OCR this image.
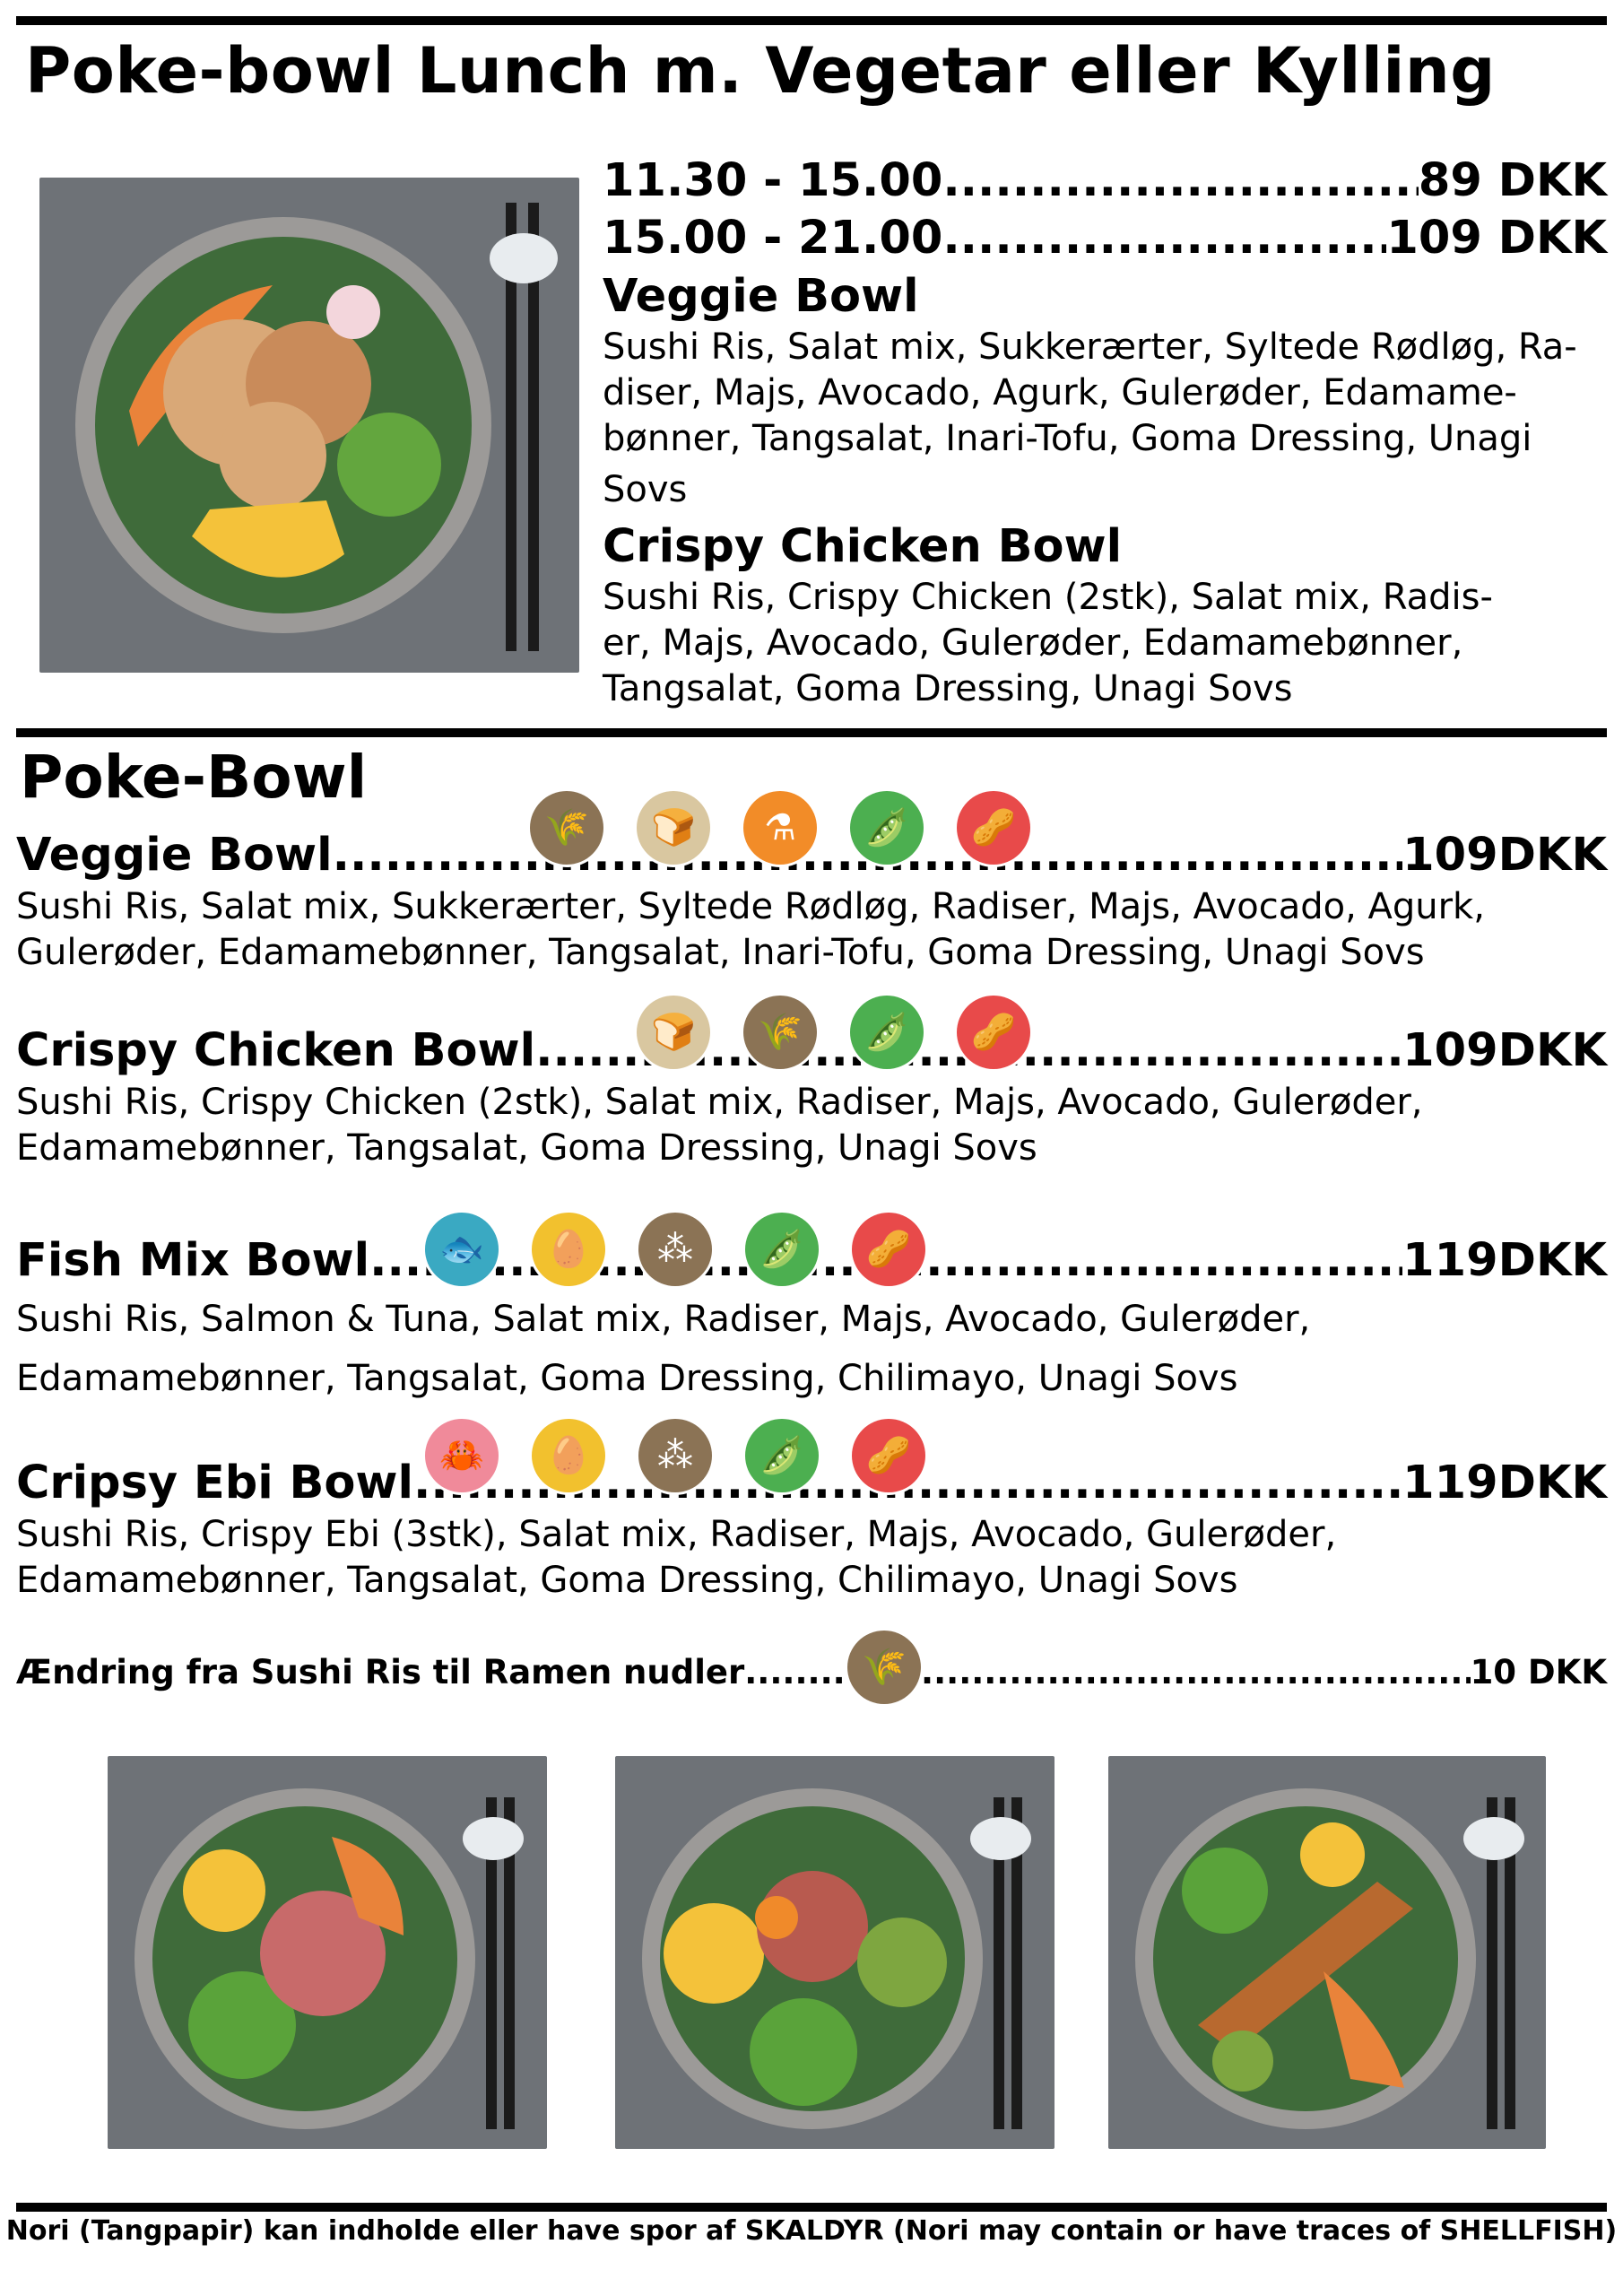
Poke-bowl Lunch m. Vegetar eller Kylling
11.30 - 15.00 .....	89 DKK
15.00 - 21.00 .....	109 DKK
Veggie Bowl
Sushi Ris, Salat mix, Sukkerærter, Syltede Rødløg, Ra-
diser, Majs, Avocado, Agurk, Gulerøder, Edamame-
bønner, Tangsalat, Inari-Tofu, Goma Dressing, Unagi
Sovs
Crispy Chicken Bowl
Sushi Ris, Crispy Chicken (2stk), Salat mix, Radis-
er, Majs, Avocado, Gulerøder, Edamamebønner,
Tangsalat, Goma Dressing, Unagi Sovs
Poke-Bowl
Veggie Bowl .....	109DKK
Sushi Ris, Salat mix, Sukkerærter, Syltede Rødløg, Radiser, Majs, Avocado, Agurk,
Gulerøder, Edamamebønner, Tangsalat, Inari-Tofu, Goma Dressing, Unagi Sovs
🌾	🍞	⚗	🫛	🥜
Crispy Chicken Bowl .....	109DKK
Sushi Ris, Crispy Chicken (2stk), Salat mix, Radiser, Majs, Avocado, Gulerøder,
Edamamebønner, Tangsalat, Goma Dressing, Unagi Sovs
🍞	🌾	🫛	🥜
Fish Mix Bowl .....	119DKK
Sushi Ris, Salmon & Tuna, Salat mix, Radiser, Majs, Avocado, Gulerøder,
Edamamebønner, Tangsalat, Goma Dressing, Chilimayo, Unagi Sovs
🐟	🥚	⁂	🫛	🥜
Cripsy Ebi Bowl .....	119DKK
Sushi Ris, Crispy Ebi (3stk), Salat mix, Radiser, Majs, Avocado, Gulerøder,
Edamamebønner, Tangsalat, Goma Dressing, Chilimayo, Unagi Sovs
🦀	🥚	⁂	🫛	🥜
Ændring fra Sushi Ris til Ramen nudler .....	10 DKK
🌾
Nori (Tangpapir) kan indholde eller have spor af SKALDYR (Nori may contain or have traces of SHELLFISH)
